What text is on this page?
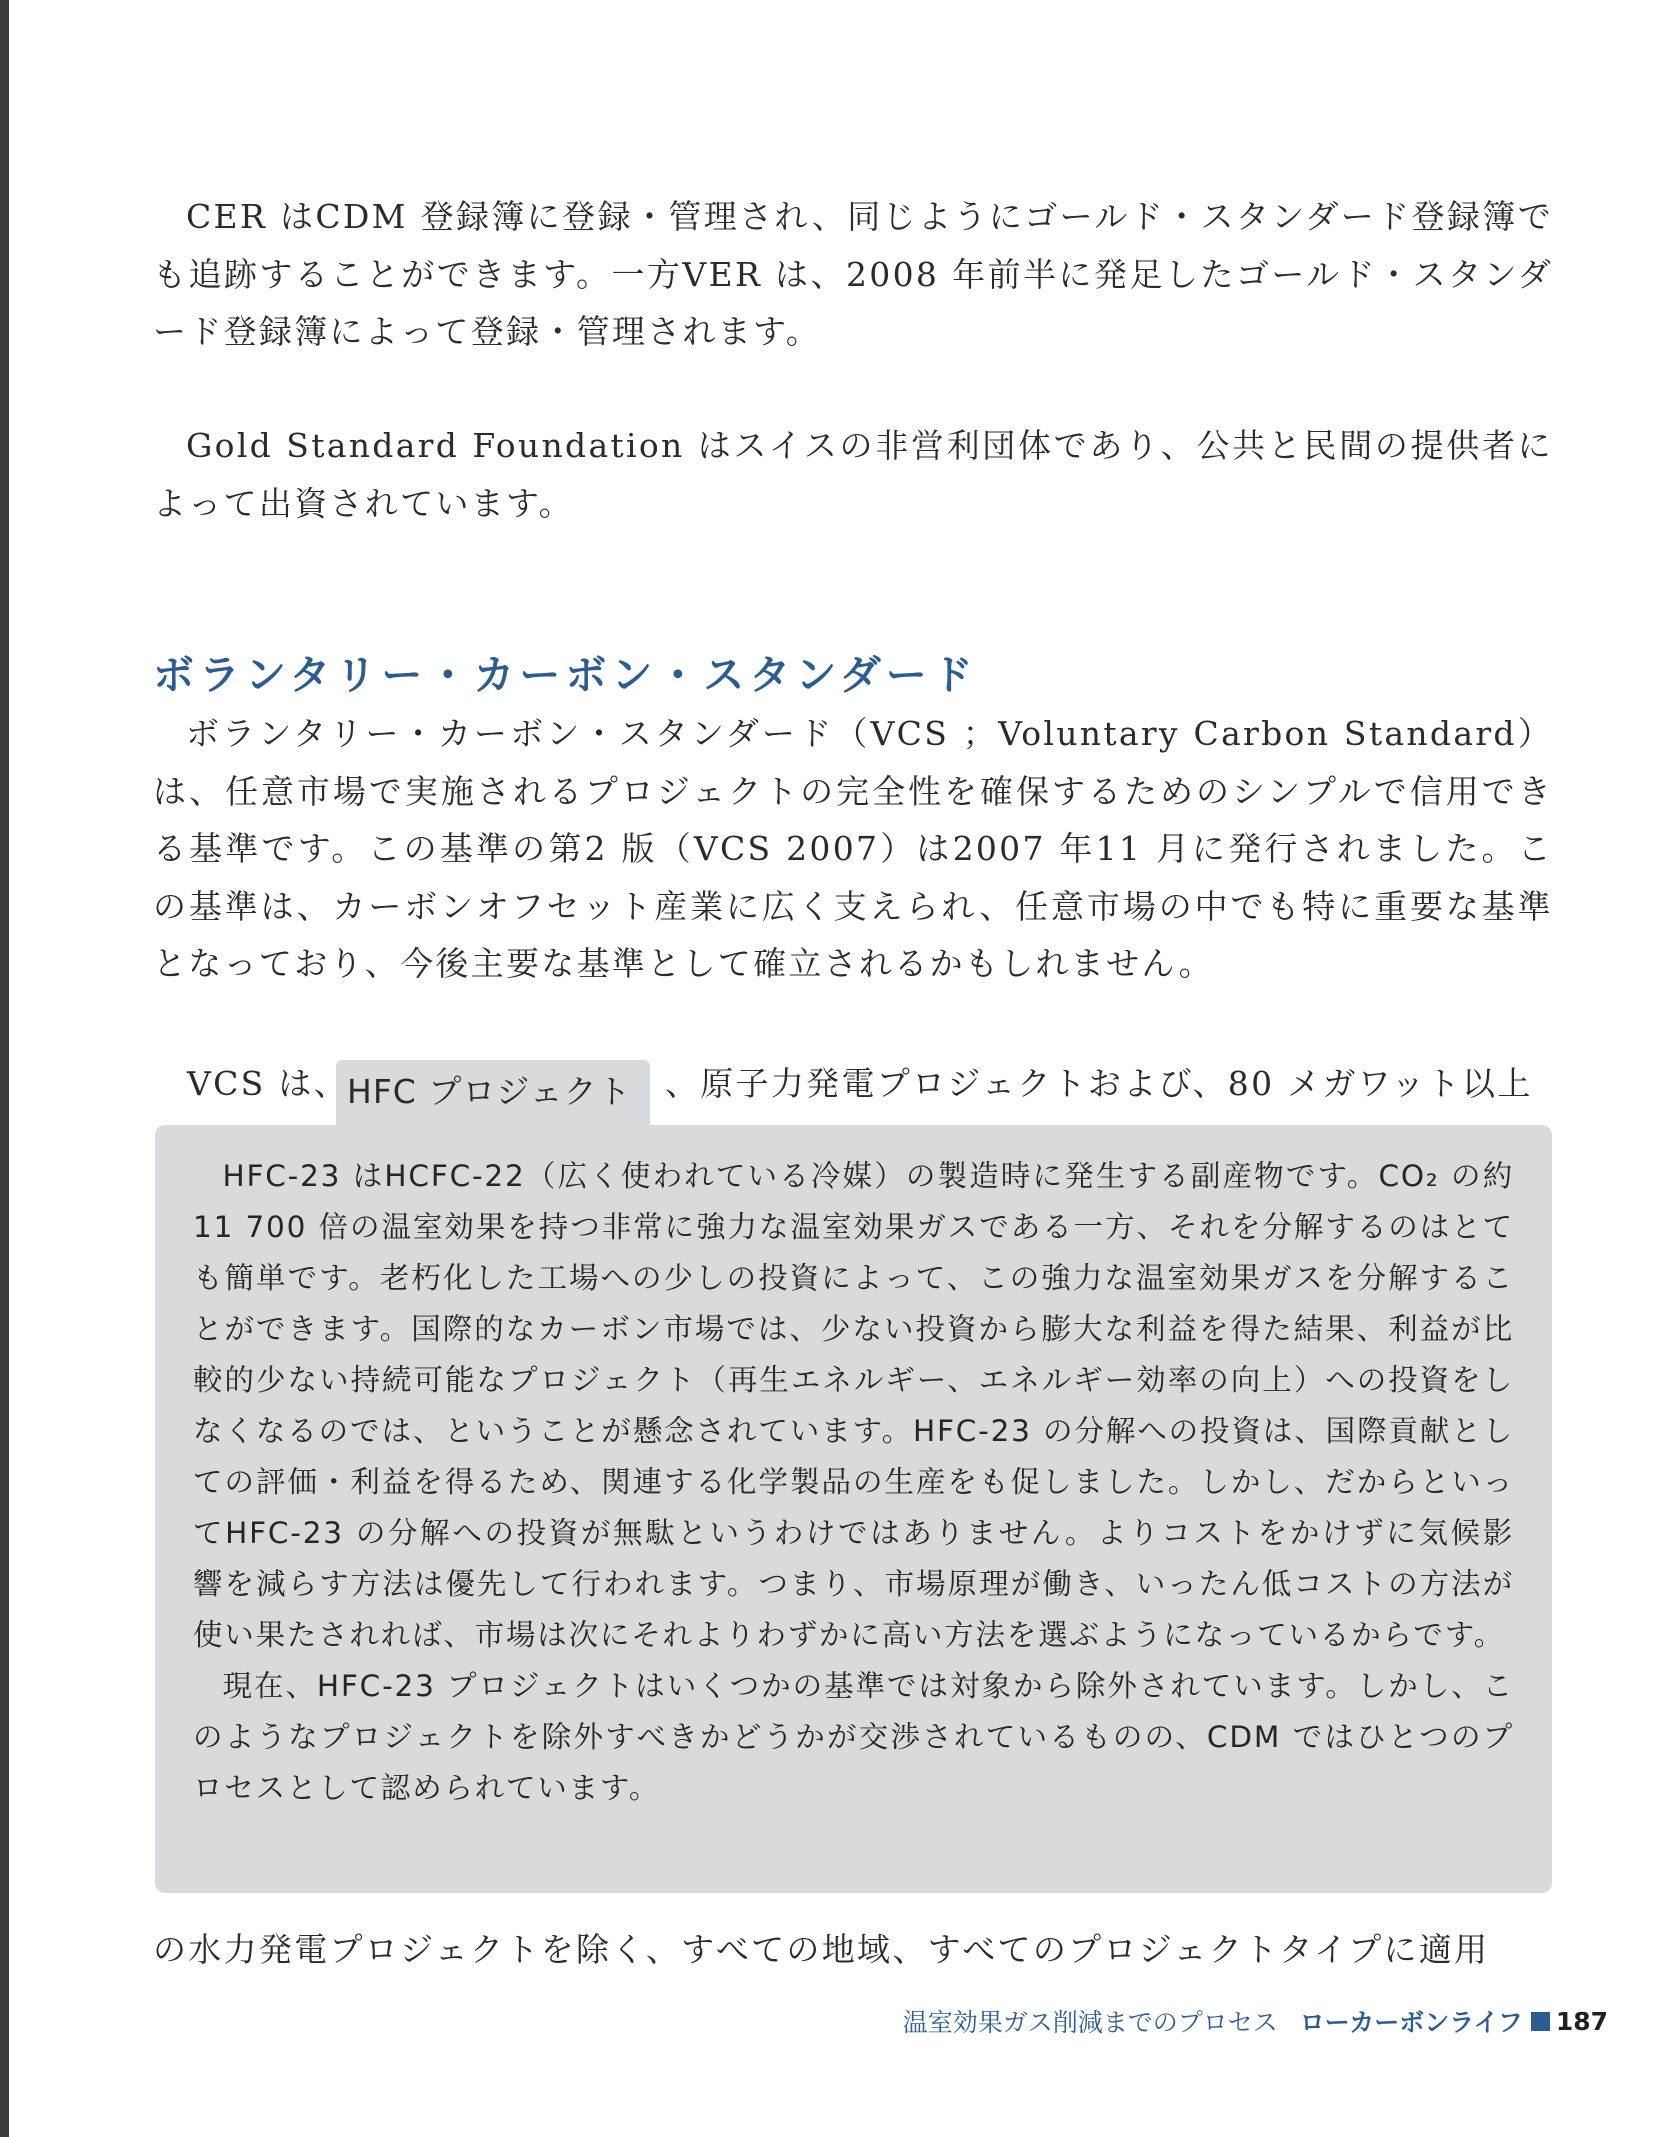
CER はCDM 登録簿に登録・管理され、同じようにゴールド・スタンダード登録簿でも追跡することができます。一方VER は、2008 年前半に発足したゴールド・スタンダード登録簿によって登録・管理されます。

Gold Standard Foundation はスイスの非営利団体であり、公共と民間の提供者によって出資されています。

ボランタリー・カーボン・スタンダード

ボランタリー・カーボン・スタンダード（VCS ；Voluntary Carbon Standard）は、任意市場で実施されるプロジェクトの完全性を確保するためのシンプルで信用できる基準です。この基準の第2 版（VCS 2007）は2007 年11 月に発行されました。この基準は、カーボンオフセット産業に広く支えられ、任意市場の中でも特に重要な基準となっており、今後主要な基準として確立されるかもしれません。

VCS は、	、原子力発電プロジェクトおよび、80 メガワット以上

HFC プロジェクト

HFC-23 はHCFC-22（広く使われている冷媒）の製造時に発生する副産物です。CO₂ の約11 700 倍の温室効果を持つ非常に強力な温室効果ガスである一方、それを分解するのはとても簡単です。老朽化した工場への少しの投資によって、この強力な温室効果ガスを分解することができます。国際的なカーボン市場では、少ない投資から膨大な利益を得た結果、利益が比較的少ない持続可能なプロジェクト（再生エネルギー、エネルギー効率の向上）への投資をしなくなるのでは、ということが懸念されています。HFC-23 の分解への投資は、国際貢献としての評価・利益を得るため、関連する化学製品の生産をも促しました。しかし、だからといってHFC-23 の分解への投資が無駄というわけではありません。よりコストをかけずに気候影響を減らす方法は優先して行われます。つまり、市場原理が働き、いったん低コストの方法が使い果たされれば、市場は次にそれよりわずかに高い方法を選ぶようになっているからです。

現在、HFC-23 プロジェクトはいくつかの基準では対象から除外されています。しかし、このようなプロジェクトを除外すべきかどうかが交渉されているものの、CDM ではひとつのプロセスとして認められています。

の水力発電プロジェクトを除く、すべての地域、すべてのプロジェクトタイプに適用

温室効果ガス削減までのプロセス ローカーボンライフ 187
